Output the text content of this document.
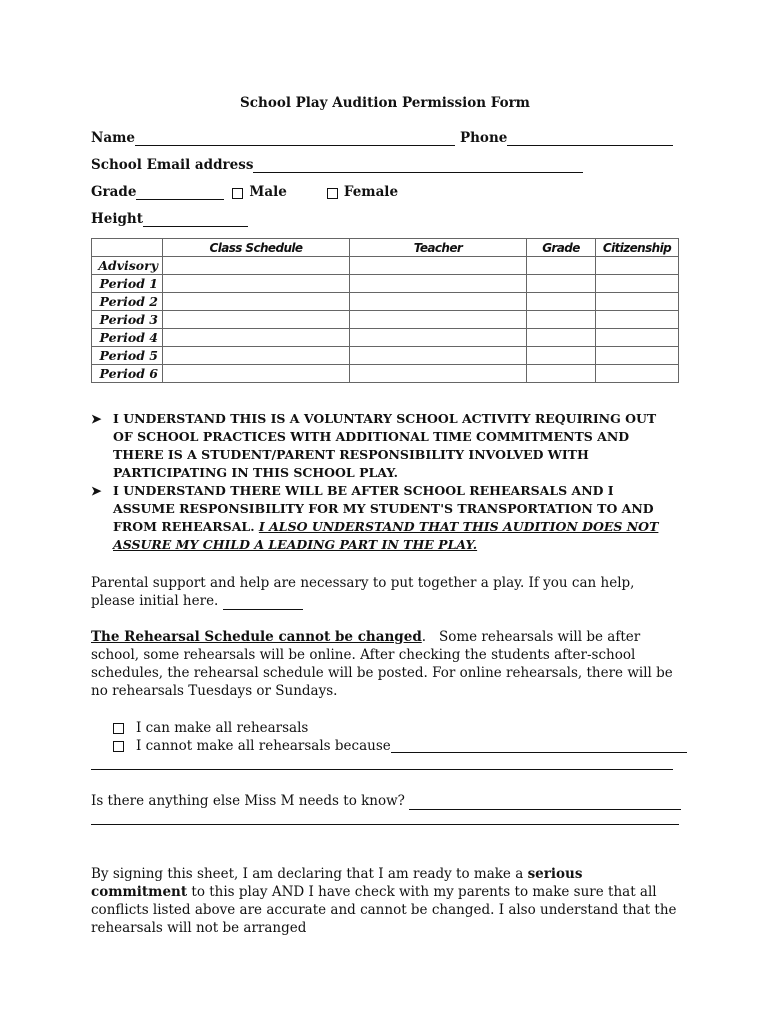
School Play Audition Permission Form
Name	Phone
School Email address
Grade	Male	Female
Height
	Class Schedule	Teacher	Grade	Citizenship
Advisory				
Period 1				
Period 2				
Period 3				
Period 4				
Period 5				
Period 6				
➤ I UNDERSTAND THIS IS A VOLUNTARY SCHOOL ACTIVITY REQUIRING OUT OF SCHOOL PRACTICES WITH ADDITIONAL TIME COMMITMENTS AND THERE IS A STUDENT/PARENT RESPONSIBILITY INVOLVED WITH PARTICIPATING IN THIS SCHOOL PLAY.
➤ I UNDERSTAND THERE WILL BE AFTER SCHOOL REHEARSALS AND I ASSUME RESPONSIBILITY FOR MY STUDENT'S TRANSPORTATION TO AND FROM REHEARSAL. I ALSO UNDERSTAND THAT THIS AUDITION DOES NOT ASSURE MY CHILD A LEADING PART IN THE PLAY.
Parental support and help are necessary to put together a play. If you can help, please initial here.
The Rehearsal Schedule cannot be changed.   Some rehearsals will be after school, some rehearsals will be online. After checking the students after-school schedules, the rehearsal schedule will be posted. For online rehearsals, there will be no rehearsals Tuesdays or Sundays.
I can make all rehearsals
I cannot make all rehearsals because
Is there anything else Miss M needs to know?
By signing this sheet, I am declaring that I am ready to make a serious commitment to this play AND I have check with my parents to make sure that all conflicts listed above are accurate and cannot be changed. I also understand that the rehearsals will not be arranged
